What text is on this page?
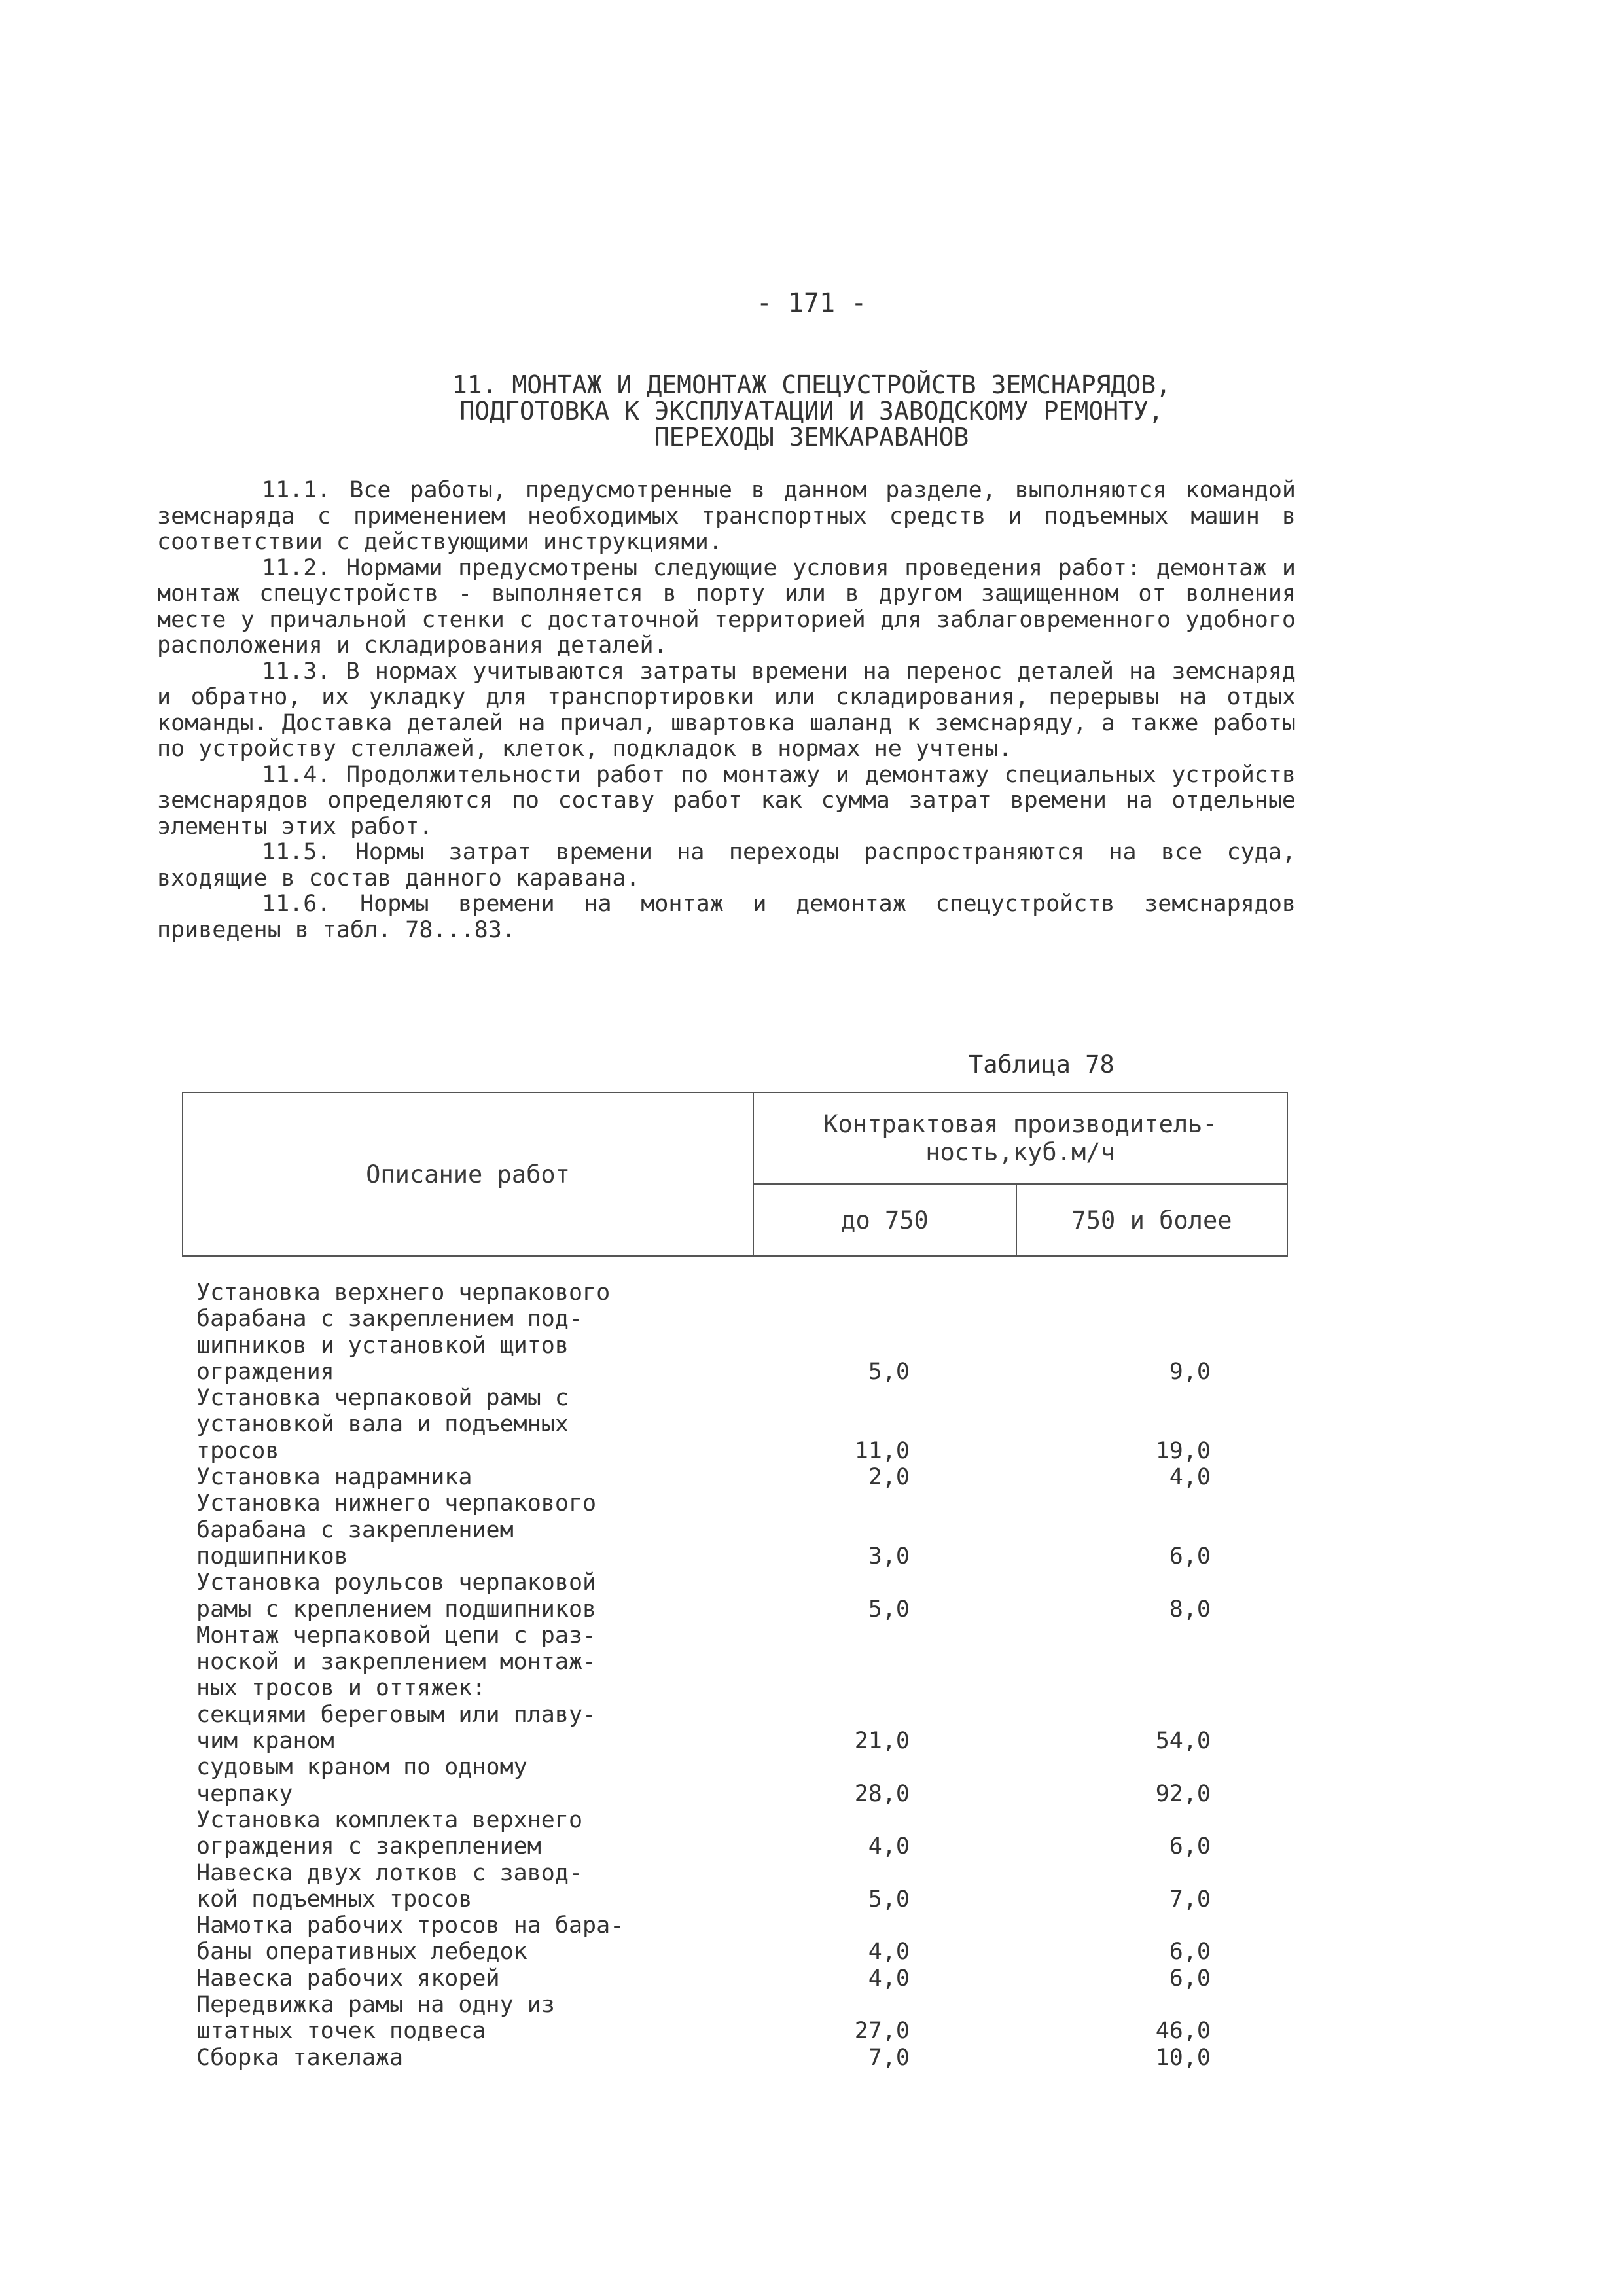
- 171 -
11. МОНТАЖ И ДЕМОНТАЖ СПЕЦУСТРОЙСТВ ЗЕМСНАРЯДОВ,
ПОДГОТОВКА К ЭКСПЛУАТАЦИИ И ЗАВОДСКОМУ РЕМОНТУ,
ПЕРЕХОДЫ ЗЕМКАРАВАНОВ

11.1. Все работы, предусмотренные в данном разделе, выполняются командой земснаряда с применением необходимых транспортных средств и подъемных машин в соответствии с действующими инструкциями.

11.2. Нормами предусмотрены следующие условия проведения работ: демонтаж и монтаж спецустройств - выполняется в порту или в другом защищенном от волнения месте у причальной стенки с достаточной территорией для заблаговременного удобного расположения и складирования деталей.

11.3. В нормах учитываются затраты времени на перенос деталей на земснаряд и обратно, их укладку для транспортировки или складирования, перерывы на отдых команды. Доставка деталей на причал, швартовка шаланд к земснаряду, а также работы по устройству стеллажей, клеток, подкладок в нормах не учтены.

11.4. Продолжительности работ по монтажу и демонтажу специальных устройств земснарядов определяются по составу работ как сумма затрат времени на отдельные элементы этих работ.

11.5. Нормы затрат времени на переходы распространяются на все суда, входящие в состав данного каравана.

11.6. Нормы времени на монтаж и демонтаж спецустройств земснарядов приведены в табл. 78...83.

Таблица 78
Описание работ	Контрактовая производитель-
ность,куб.м/ч	

	до 750	750 и более
Установка верхнего черпакового
барабана с закреплением под-
шипников и установкой щитов
ограждения	5,0	9,0
Установка черпаковой рамы с
установкой вала и подъемных
тросов	11,0	19,0
Установка надрамника	2,0	4,0
Установка нижнего черпакового
барабана с закреплением
подшипников	3,0	6,0
Установка роульсов черпаковой
рамы с креплением подшипников	5,0	8,0
Монтаж черпаковой цепи с раз-
ноской и закреплением монтаж-
ных тросов и оттяжек:
секциями береговым или плаву-
чим краном	21,0	54,0
судовым краном по одному
черпаку	28,0	92,0
Установка комплекта верхнего
ограждения с закреплением	4,0	6,0
Навеска двух лотков с завод-
кой подъемных тросов	5,0	7,0
Намотка рабочих тросов на бара-
баны оперативных лебедок	4,0	6,0
Навеска рабочих якорей	4,0	6,0
Передвижка рамы на одну из
штатных точек подвеса	27,0	46,0
Сборка такелажа	7,0	10,0
